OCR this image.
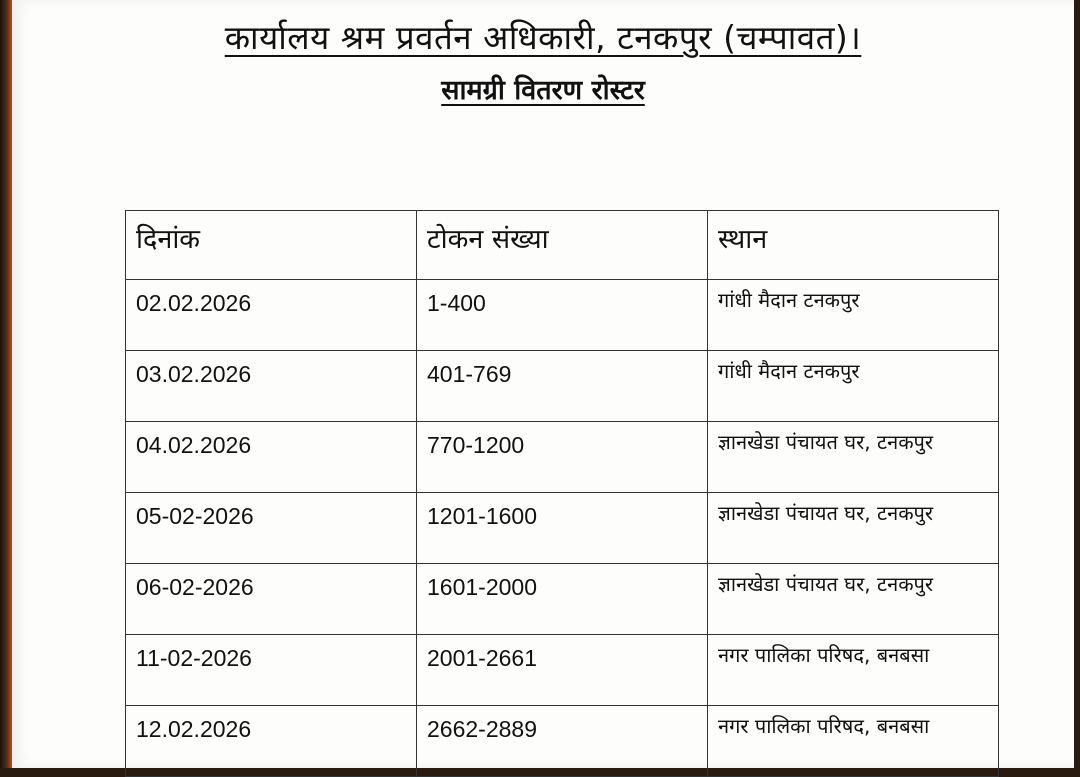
कार्यालय श्रम प्रवर्तन अधिकारी, टनकपुर (चम्पावत)।
सामग्री वितरण रोस्टर
दिनांक	टोकन संख्या	स्थान
02.02.2026	1-400	गांधी मैदान टनकपुर
03.02.2026	401-769	गांधी मैदान टनकपुर
04.02.2026	770-1200	ज्ञानखेडा पंचायत घर, टनकपुर
05-02-2026	1201-1600	ज्ञानखेडा पंचायत घर, टनकपुर
06-02-2026	1601-2000	ज्ञानखेडा पंचायत घर, टनकपुर
11-02-2026	2001-2661	नगर पालिका परिषद, बनबसा
12.02.2026	2662-2889	नगर पालिका परिषद, बनबसा
